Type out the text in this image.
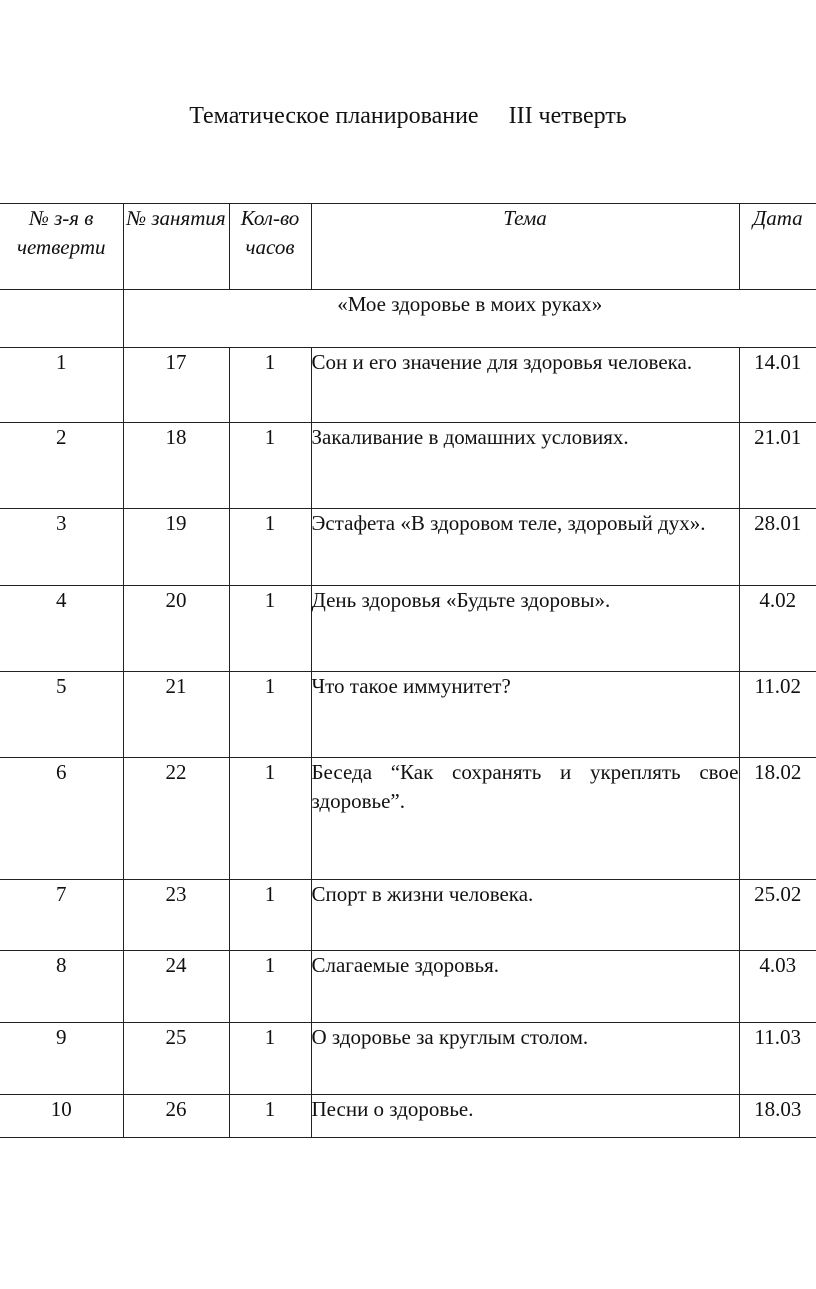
Тематическое планирование     III четверть
№ з-я в четверти	№ занятия	Кол-во часов	Тема	Дата
	«Мое здоровье в моих руках»			
1	17	1	Сон и его значение для здоровья человека.	14.01
2	18	1	Закаливание в домашних условиях.	21.01
3	19	1	Эстафета «В здоровом теле, здоровый дух».	28.01
4	20	1	День здоровья «Будьте здоровы».	4.02
5	21	1	Что такое иммунитет?	11.02
6	22	1	Беседа “Как сохранять и укреплять свое здоровье”.	18.02
7	23	1	Спорт в жизни человека.	25.02
8	24	1	Слагаемые здоровья.	4.03
9	25	1	О здоровье за круглым столом.	11.03
10	26	1	Песни о здоровье.	18.03
